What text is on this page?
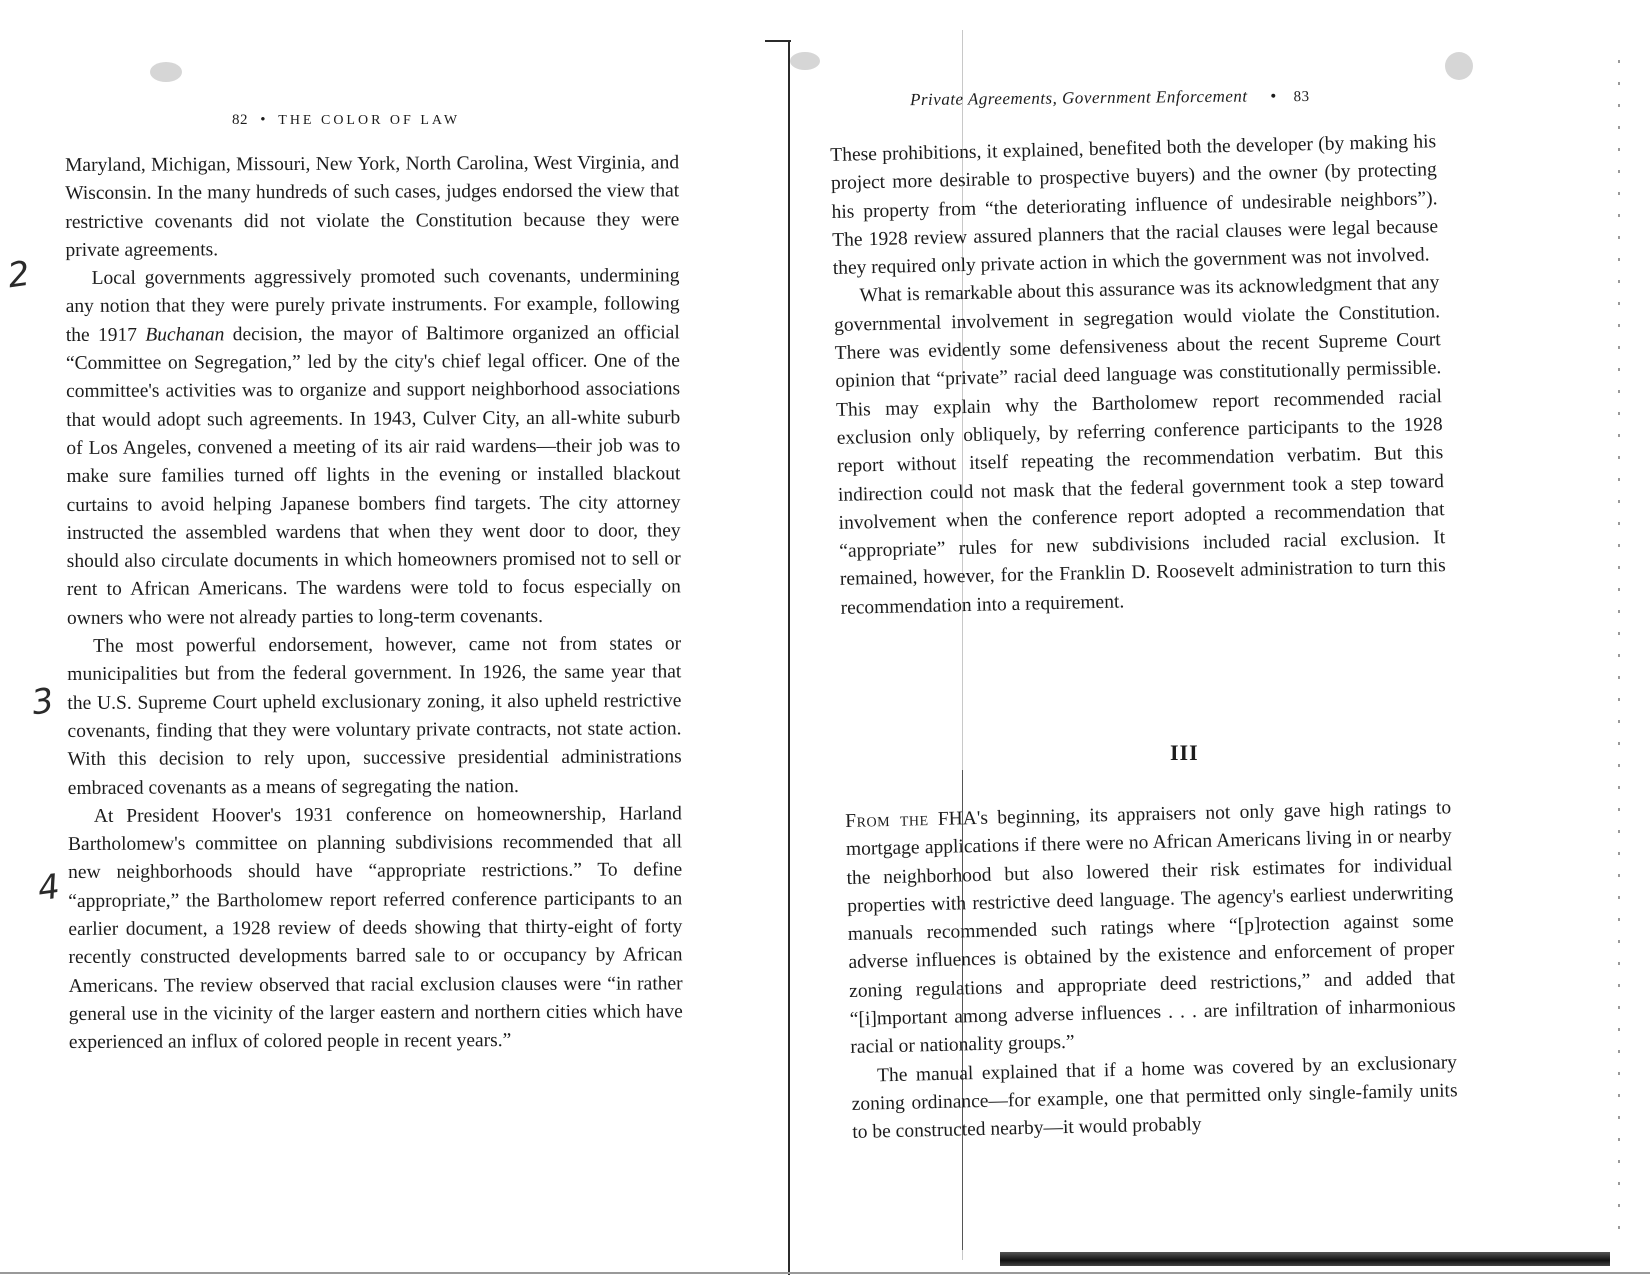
82 • THE COLOR OF LAW

Maryland, Michigan, Missouri, New York, North Carolina, West Virginia, and Wisconsin. In the many hundreds of such cases, judges endorsed the view that restrictive covenants did not violate the Constitution because they were private agreements.

Local governments aggressively promoted such covenants, undermining any notion that they were purely private instruments. For example, following the 1917 Buchanan decision, the mayor of Baltimore organized an official “Committee on Segregation,” led by the city's chief legal officer. One of the committee's activities was to organize and support neighborhood associations that would adopt such agreements. In 1943, Culver City, an all-white suburb of Los Angeles, convened a meeting of its air raid wardens—their job was to make sure families turned off lights in the evening or installed blackout curtains to avoid helping Japanese bombers find targets. The city attorney instructed the assembled wardens that when they went door to door, they should also circulate documents in which homeowners promised not to sell or rent to African Americans. The wardens were told to focus especially on owners who were not already parties to long-term covenants.

The most powerful endorsement, however, came not from states or municipalities but from the federal government. In 1926, the same year that the U.S. Supreme Court upheld exclusionary zoning, it also upheld restrictive covenants, finding that they were voluntary private contracts, not state action. With this decision to rely upon, successive presidential administrations embraced covenants as a means of segregating the nation.

At President Hoover's 1931 conference on homeownership, Harland Bartholomew's committee on planning subdivisions recommended that all new neighborhoods should have “appropriate restrictions.” To define “appropriate,” the Bartholomew report referred conference participants to an earlier document, a 1928 review of deeds showing that thirty-eight of forty recently constructed developments barred sale to or occupancy by African Americans. The review observed that racial exclusion clauses were “in rather general use in the vicinity of the larger eastern and northern cities which have experienced an influx of colored people in recent years.”

2
3
4
Private Agreements, Government Enforcement • 83

These prohibitions, it explained, benefited both the developer (by making his project more desirable to prospective buyers) and the owner (by protecting his property from “the deteriorating influence of undesirable neighbors”). The 1928 review assured planners that the racial clauses were legal because they required only private action in which the government was not involved.

What is remarkable about this assurance was its acknowledgment that any governmental involvement in segregation would violate the Constitution. There was evidently some defensiveness about the recent Supreme Court opinion that “private” racial deed language was constitutionally permissible. This may explain why the Bartholomew report recommended racial exclusion only obliquely, by referring conference participants to the 1928 report without itself repeating the recommendation verbatim. But this indirection could not mask that the federal government took a step toward involvement when the conference report adopted a recommendation that “appropriate” rules for new subdivisions included racial exclusion. It remained, however, for the Franklin D. Roosevelt administration to turn this recommendation into a requirement.

III

From the FHA's beginning, its appraisers not only gave high ratings to mortgage applications if there were no African Americans living in or nearby the neighborhood but also lowered their risk estimates for individual properties with restrictive deed language. The agency's earliest underwriting manuals recommended such ratings where “[p]rotection against some adverse influences is obtained by the existence and enforcement of proper zoning regulations and appropriate deed restrictions,” and added that “[i]mportant among adverse influences . . . are infiltration of inharmonious racial or nationality groups.”

The manual explained that if a home was covered by an exclusionary zoning ordinance—for example, one that permitted only single-family units to be constructed nearby—it would probably
